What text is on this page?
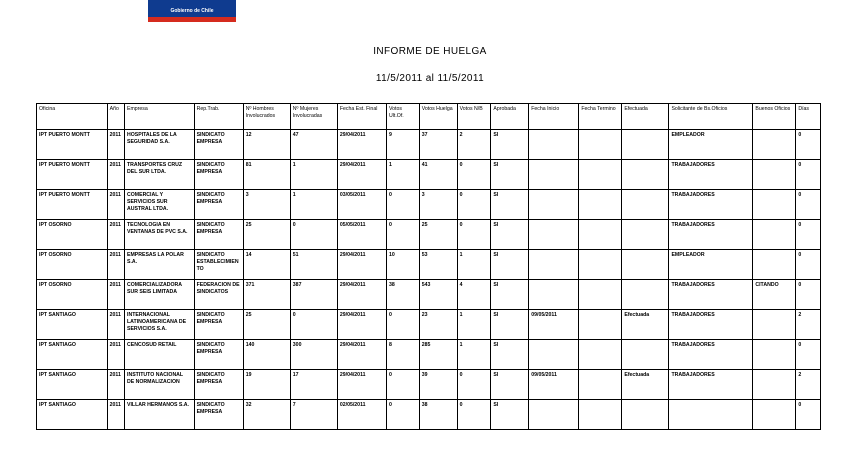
Gobierno de Chile
INFORME DE HUELGA
11/5/2011 al 11/5/2011
Oficina	Año	Empresa	Rep.Trab.	Nº Hombres Involucrados	Nº Mujeres Involucradas	Fecha Est. Final	Votos Ult.Of.	Votos Huelga	Votos N/B	Aprobada	Fecha Inicio	Fecha Termino	Efectuada	Solicitante de Bs.Oficios	Buenos Oficios	Días
IPT PUERTO MONTT	2011	HOSPITALES DE LA SEGURIDAD S.A.	SINDICATO EMPRESA	12	47	29/04/2011	9	37	2	SI				EMPLEADOR		0
IPT PUERTO MONTT	2011	TRANSPORTES CRUZ DEL SUR LTDA.	SINDICATO EMPRESA	81	1	29/04/2011	1	41	0	SI				TRABAJADORES		0
IPT PUERTO MONTT	2011	COMERCIAL Y SERVICIOS SUR AUSTRAL LTDA.	SINDICATO EMPRESA	3	1	03/05/2011	0	3	0	SI				TRABAJADORES		0
IPT OSORNO	2011	TECNOLOGIA EN VENTANAS DE PVC S.A.	SINDICATO EMPRESA	25	0	05/05/2011	0	25	0	SI				TRABAJADORES		0
IPT OSORNO	2011	EMPRESAS LA POLAR S.A.	SINDICATO ESTABLECIMIENTO	14	51	29/04/2011	10	53	1	SI				EMPLEADOR		0
IPT OSORNO	2011	COMERCIALIZADORA SUR SEIS LIMITADA	FEDERACION DE SINDICATOS	371	387	29/04/2011	38	543	4	SI				TRABAJADORES	CITANDO	0
IPT SANTIAGO	2011	INTERNACIONAL LATINOAMERICANA DE SERVICIOS S.A.	SINDICATO EMPRESA	25	0	29/04/2011	0	23	1	SI	09/05/2011		Efectuada	TRABAJADORES		2
IPT SANTIAGO	2011	CENCOSUD RETAIL	SINDICATO EMPRESA	140	300	29/04/2011	8	285	1	SI				TRABAJADORES		0
IPT SANTIAGO	2011	INSTITUTO NACIONAL DE NORMALIZACION	SINDICATO EMPRESA	19	17	29/04/2011	0	39	0	SI	09/05/2011		Efectuada	TRABAJADORES		2
IPT SANTIAGO	2011	VILLAR HERMANOS S.A.	SINDICATO EMPRESA	32	7	02/05/2011	0	38	0	SI						0
